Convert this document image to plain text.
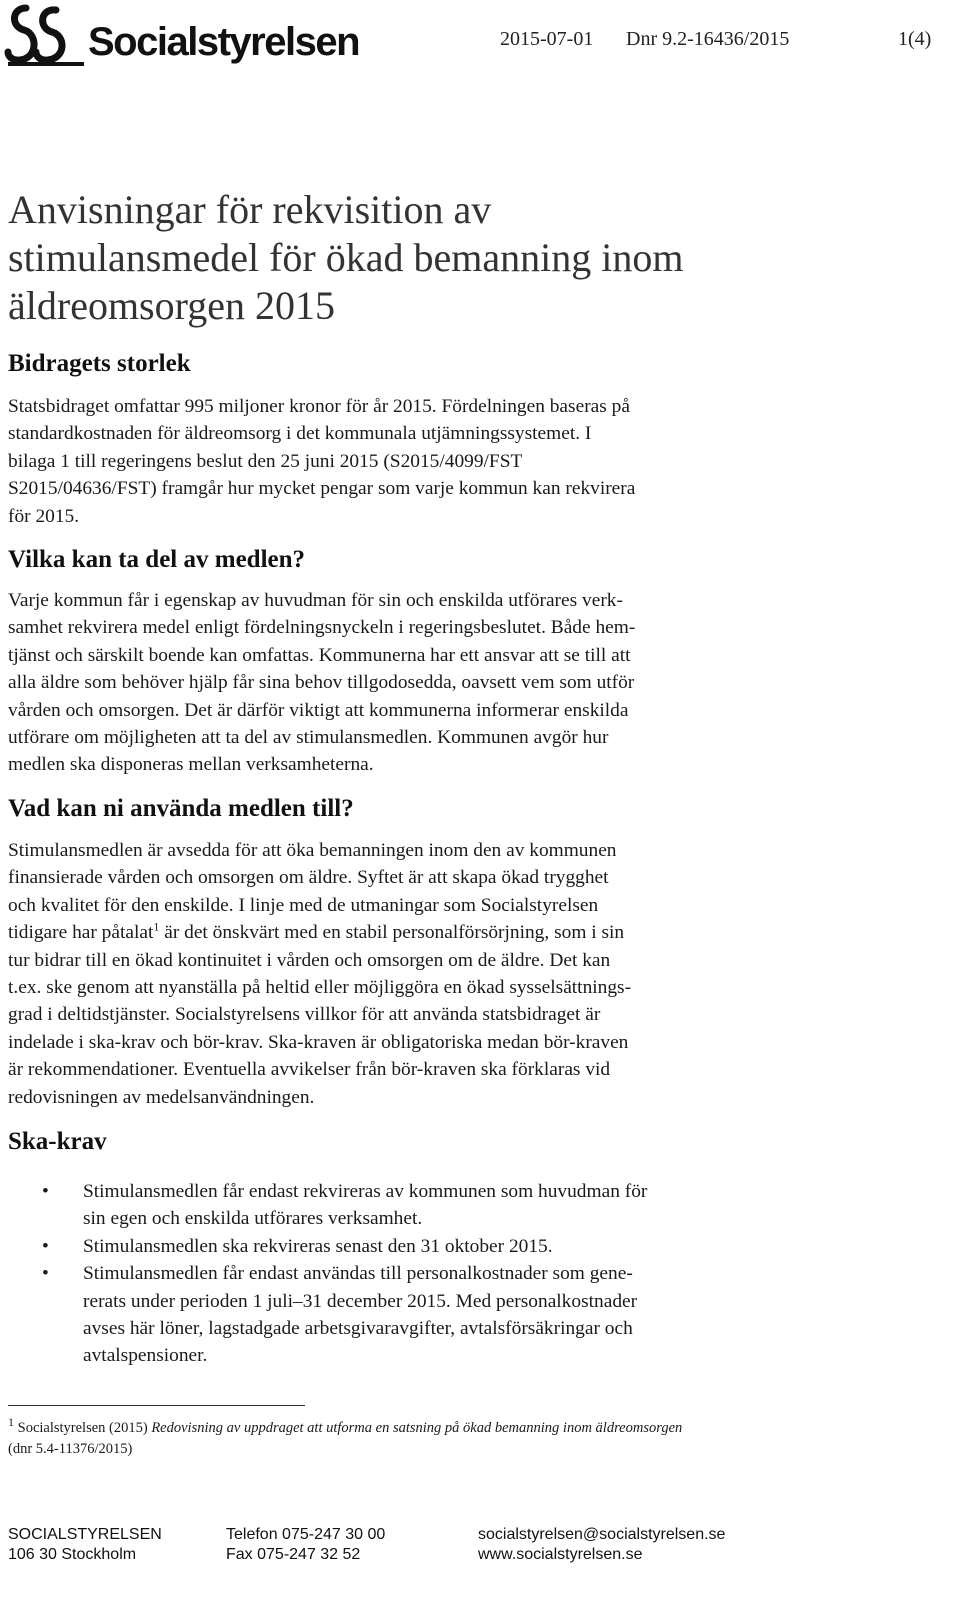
Socialstyrelsen	2015-07-01 Dnr 9.2-16436/2015	1(4)
Anvisningar för rekvisition av
stimulansmedel för ökad bemanning inom
äldreomsorgen 2015
Bidragets storlek
Statsbidraget omfattar 995 miljoner kronor för år 2015. Fördelningen baseras på
standardkostnaden för äldreomsorg i det kommunala utjämningssystemet. I
bilaga 1 till regeringens beslut den 25 juni 2015 (S2015/4099/FST
S2015/04636/FST) framgår hur mycket pengar som varje kommun kan rekvirera
för 2015.
Vilka kan ta del av medlen?
Varje kommun får i egenskap av huvudman för sin och enskilda utförares verk-
samhet rekvirera medel enligt fördelningsnyckeln i regeringsbeslutet. Både hem-
tjänst och särskilt boende kan omfattas. Kommunerna har ett ansvar att se till att
alla äldre som behöver hjälp får sina behov tillgodosedda, oavsett vem som utför
vården och omsorgen. Det är därför viktigt att kommunerna informerar enskilda
utförare om möjligheten att ta del av stimulansmedlen. Kommunen avgör hur
medlen ska disponeras mellan verksamheterna.
Vad kan ni använda medlen till?
Stimulansmedlen är avsedda för att öka bemanningen inom den av kommunen
finansierade vården och omsorgen om äldre. Syftet är att skapa ökad trygghet
och kvalitet för den enskilde. I linje med de utmaningar som Socialstyrelsen
tidigare har påtalat$^1$ är det önskvärt med en stabil personalförsörjning, som i sin
tur bidrar till en ökad kontinuitet i vården och omsorgen om de äldre. Det kan
t.ex. ske genom att nyanställa på heltid eller möjliggöra en ökad sysselsättnings-
grad i deltidstjänster. Socialstyrelsens villkor för att använda statsbidraget är
indelade i ska-krav och bör-krav. Ska-kraven är obligatoriska medan bör-kraven
är rekommendationer. Eventuella avvikelser från bör-kraven ska förklaras vid
redovisningen av medelsanvändningen.
Ska-krav
• Stimulansmedlen får endast rekvireras av kommunen som huvudman för
sin egen och enskilda utförares verksamhet.
• Stimulansmedlen ska rekvireras senast den 31 oktober 2015.
• Stimulansmedlen får endast användas till personalkostnader som gene-
rerats under perioden 1 juli–31 december 2015. Med personalkostnader
avses här löner, lagstadgade arbetsgivaravgifter, avtalsförsäkringar och
avtalspensioner.
$^1$ Socialstyrelsen (2015) Redovisning av uppdraget att utforma en satsning på ökad bemanning inom äldreomsorgen
(dnr 5.4-11376/2015)
SOCIALSTYRELSEN
106 30 Stockholm
Telefon 075-247 30 00
Fax 075-247 32 52
socialstyrelsen@socialstyrelsen.se
www.socialstyrelsen.se
